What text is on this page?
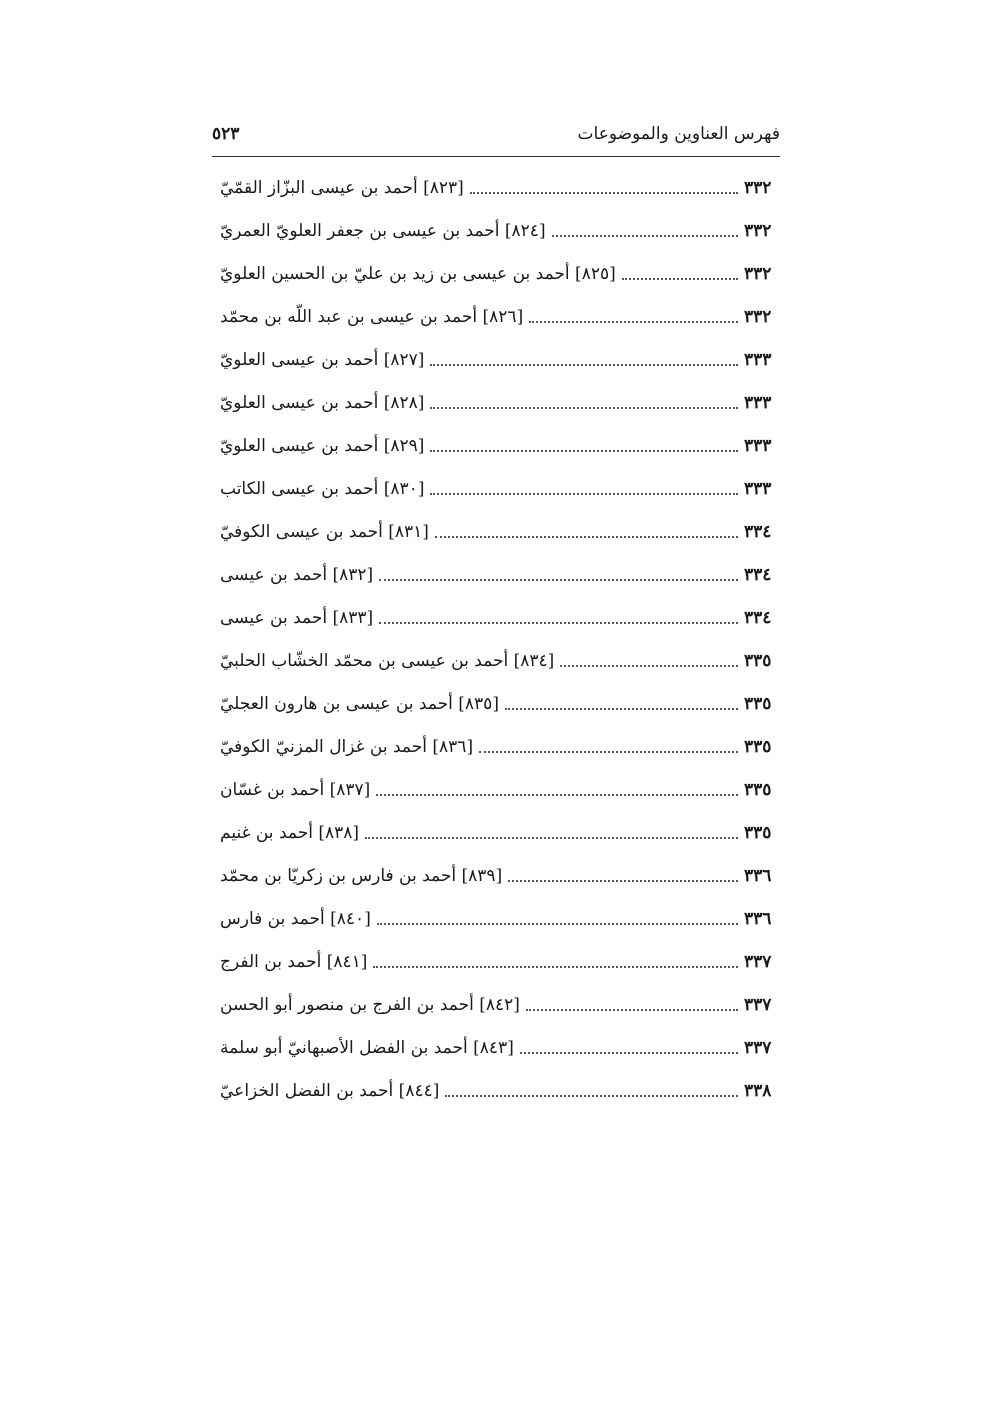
فهرس العناوين والموضوعات
٥٢٣
[٨٢٣] أحمد بن عيسى البزّاز القمّيّ	٣٣٢
[٨٢٤] أحمد بن عيسى بن جعفر العلويّ العمريّ	٣٣٢
[٨٢٥] أحمد بن عيسى بن زيد بن عليّ بن الحسين العلويّ	٣٣٢
[٨٢٦] أحمد بن عيسى بن عبد اللّه بن محمّد	٣٣٢
[٨٢٧] أحمد بن عيسى العلويّ	٣٣٣
[٨٢٨] أحمد بن عيسى العلويّ	٣٣٣
[٨٢٩] أحمد بن عيسى العلويّ	٣٣٣
[٨٣٠] أحمد بن عيسى الكاتب	٣٣٣
[٨٣١] أحمد بن عيسى الكوفيّ	٣٣٤
[٨٣٢] أحمد بن عيسى	٣٣٤
[٨٣٣] أحمد بن عيسى	٣٣٤
[٨٣٤] أحمد بن عيسى بن محمّد الخشّاب الحلبيّ	٣٣٥
[٨٣٥] أحمد بن عيسى بن هارون العجليّ	٣٣٥
[٨٣٦] أحمد بن غزال المزنيّ الكوفيّ	٣٣٥
[٨٣٧] أحمد بن غسّان	٣٣٥
[٨٣٨] أحمد بن غنيم	٣٣٥
[٨٣٩] أحمد بن فارس بن زكريّا بن محمّد	٣٣٦
[٨٤٠] أحمد بن فارس	٣٣٦
[٨٤١] أحمد بن الفرج	٣٣٧
[٨٤٢] أحمد بن الفرج بن منصور أبو الحسن	٣٣٧
[٨٤٣] أحمد بن الفضل الأصبهانيّ أبو سلمة	٣٣٧
[٨٤٤] أحمد بن الفضل الخزاعيّ	٣٣٨
